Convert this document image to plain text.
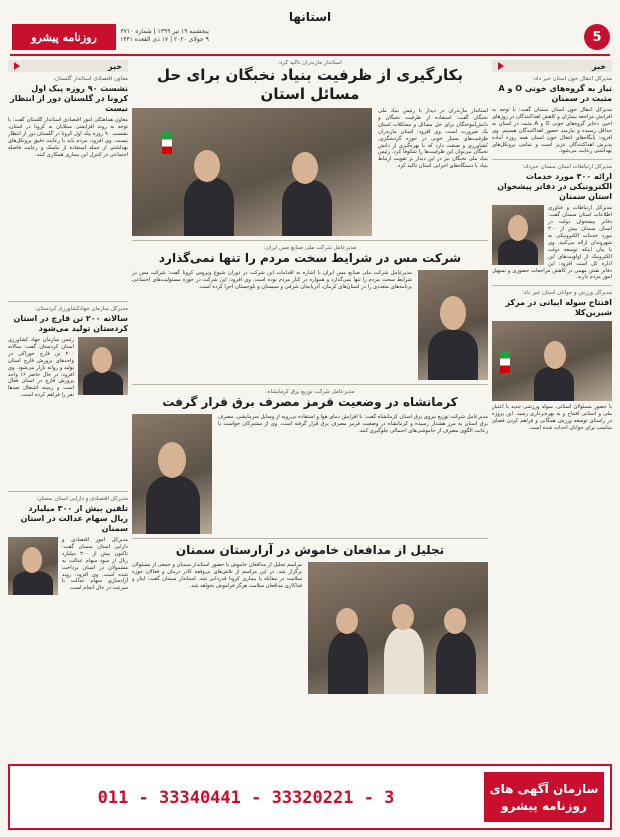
استانها
5
روزنامه پیشرو	پنجشنبه ۱۹ تیر ۱۳۹۹ | شماره ۳۷۱۰
۹ جولای ۲۰۲۰ | ۱۷ ذی القعده ۱۴۴۱
خبر
مدیرکل انتقال خون استان خبر داد:
نیاز به گروه‌های خونی O و A مثبت در سمنان

مدیرکل انتقال خون استان سمنان گفت: با توجه به افزایش مراجعه بیماران و کاهش اهداکنندگان در روزهای اخیر، ذخایر گروه‌های خونی O و A مثبت در استان به حداقل رسیده و نیازمند حضور اهداکنندگان هستیم. وی افزود: پایگاه‌های انتقال خون استان همه روزه آماده پذیرش اهداکنندگان عزیز است و تمامی پروتکل‌های بهداشتی رعایت می‌شود.

مدیرکل ارتباطات استان سمنان خبرداد:
ارائه ۳۰۰ مورد خدمات الکترونیکی در دفاتر پیشخوان استان سمنان

مدیرکل ارتباطات و فناوری اطلاعات استان سمنان گفت: دفاتر پیشخوان دولت در استان سمنان بیش از ۳۰۰ مورد خدمات الکترونیکی به شهروندان ارائه می‌کنند. وی با بیان اینکه توسعه دولت الکترونیک از اولویت‌های این اداره کل است افزود: این دفاتر نقش مهمی در کاهش مراجعات حضوری و تسهیل امور مردم دارند.

مدیرکل ورزش و جوانان استان خبر داد:
افتتاح سوله ابیاتی در مرکز شیرین‌کلا

با حضور مسئولان استانی، سوله ورزشی جدید با اعتبار ملی و استانی افتتاح و به بهره‌برداری رسید. این پروژه در راستای توسعه ورزش همگانی و فراهم کردن فضای مناسب برای جوانان احداث شده است.

استاندار مازندران تاکید کرد:
بکارگیری از ظرفیت بنیاد نخبگان برای حل مسائل استان

استاندار مازندران در دیدار با رئیس بنیاد ملی نخبگان گفت: استفاده از ظرفیت نخبگان و دانش‌آموختگان برای حل مسائل و مشکلات استان یک ضرورت است. وی افزود: استان مازندران ظرفیت‌های بسیار خوبی در حوزه گردشگری، کشاورزی و صنعت دارد که با بهره‌گیری از دانش نخبگان می‌توان این ظرفیت‌ها را شکوفا کرد. رئیس بنیاد ملی نخبگان نیز در این دیدار بر تقویت ارتباط بنیاد با دستگاه‌های اجرایی استان تاکید کرد.

مدیرعامل شرکت ملی صنایع مس ایران:
شرکت مس در شرایط سخت مردم را تنها نمی‌گذارد

مدیرعامل شرکت ملی صنایع مس ایران با اشاره به اقدامات این شرکت در دوران شیوع ویروس کرونا گفت: شرکت مس در شرایط سخت مردم را تنها نمی‌گذارد و همواره در کنار مردم بوده است. وی افزود: این شرکت در حوزه مسئولیت‌های اجتماعی برنامه‌های متعددی را در استان‌های کرمان، آذربایجان شرقی و سیستان و بلوچستان اجرا کرده است.

مدیرعامل شرکت توزیع برق کرمانشاه:
کرمانشاه در وضعیت قرمز مصرف برق قرار گرفت

مدیرعامل شرکت توزیع نیروی برق استان کرمانشاه گفت: با افزایش دمای هوا و استفاده بی‌رویه از وسایل سرمایشی، مصرف برق استان به مرز هشدار رسیده و کرمانشاه در وضعیت قرمز مصرف برق قرار گرفته است. وی از مشترکان خواست با رعایت الگوی مصرف از خاموشی‌های احتمالی جلوگیری کنند.

تجلیل از مدافعان خاموش در آرارستان سمنان

مراسم تجلیل از مدافعان خاموش با حضور استاندار سمنان و جمعی از مسئولان برگزار شد. در این مراسم از تلاش‌های بی‌وقفه کادر درمان و فعالان حوزه سلامت در مقابله با بیماری کرونا قدردانی شد. استاندار سمنان گفت: ایثار و فداکاری مدافعان سلامت هرگز فراموش نخواهد شد.

خبر
معاون اقتصادی استاندار گلستان:
نشست ۹۰ روزه پیک اول کرونا در گلستان دور از انتظار نیست

معاون هماهنگی امور اقتصادی استاندار گلستان گفت: با توجه به روند افزایشی مبتلایان به کرونا در استان، نشست ۹۰ روزه پیک اول کرونا در گلستان دور از انتظار نیست. وی افزود: مردم باید با رعایت دقیق پروتکل‌های بهداشتی از جمله استفاده از ماسک و رعایت فاصله اجتماعی در کنترل این بیماری همکاری کنند.

مدیرکل سازمان جهادکشاورزی کردستان:
سالانه ۲۰۰ تن قارچ در استان کردستان تولید می‌شود

رئیس سازمان جهاد کشاورزی استان کردستان گفت: سالانه ۲۰۰ تن قارچ خوراکی در واحدهای پرورش قارچ استان تولید و روانه بازار می‌شود. وی افزود: در حال حاضر ۱۶ واحد پرورش قارچ در استان فعال است و زمینه اشتغال صدها نفر را فراهم کرده است.

مدیرکل اقتصادی و دارایی استان سمنان:
تلقین بیش از ۳۰۰ میلیارد ریال سهام عدالت در استان سمنان

مدیرکل امور اقتصادی و دارایی استان سمنان گفت: تاکنون بیش از ۳۰۰ میلیارد ریال از سود سهام عدالت به مشمولان در استان پرداخت شده است. وی افزود: روند آزادسازی سهام عدالت با سرعت در حال انجام است.

سازمان آگهی های
روزنامه پیشرو
011 - 33340441 - 33320221 - 3
